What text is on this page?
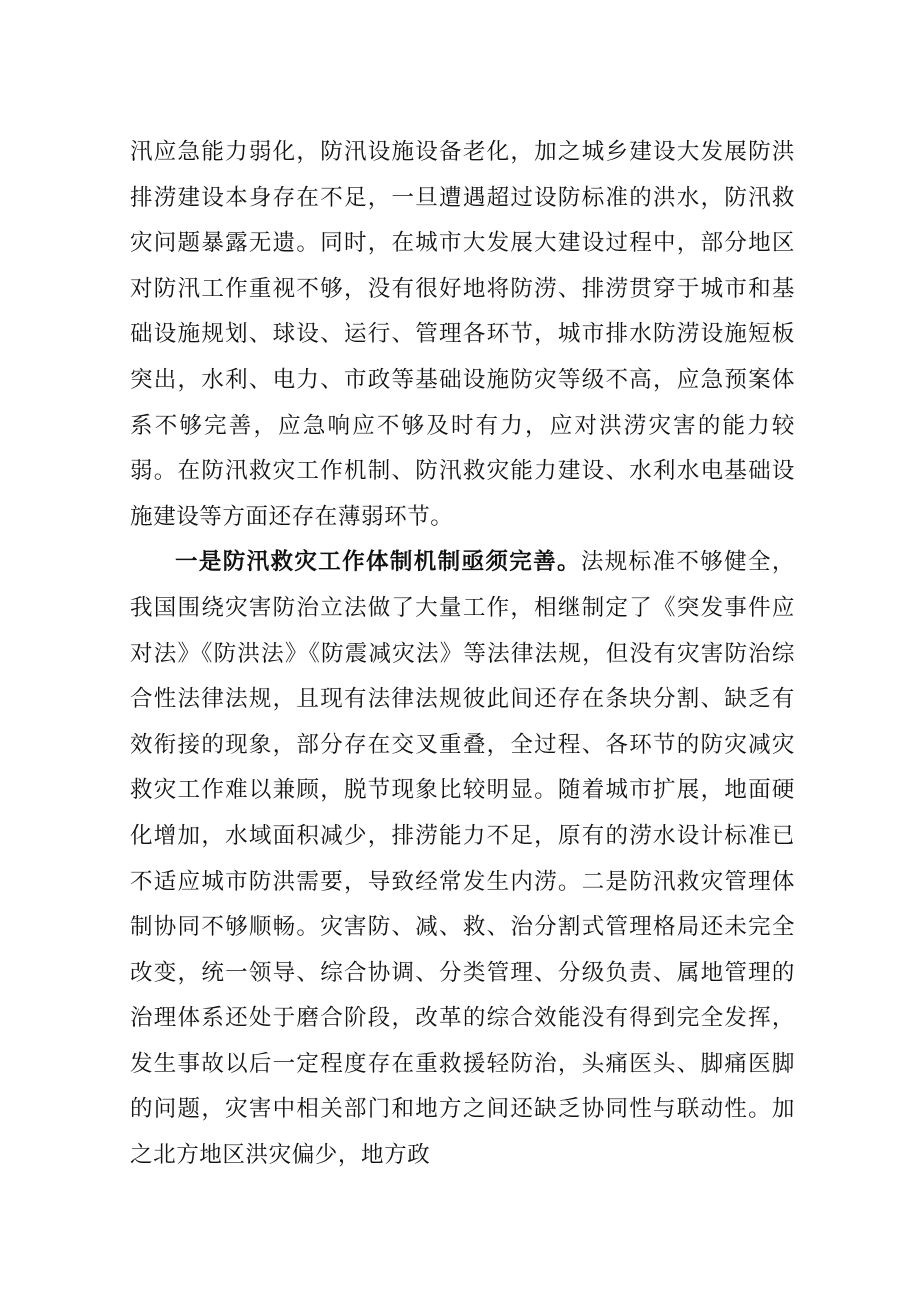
汛应急能力弱化，防汛设施设备老化，加之城乡建设大发展防洪排涝建设本身存在不足，一旦遭遇超过设防标准的洪水，防汛救灾问题暴露无遗。同时，在城市大发展大建设过程中，部分地区对防汛工作重视不够，没有很好地将防涝、排涝贯穿于城市和基础设施规划、球设、运行、管理各环节，城市排水防涝设施短板突出，水利、电力、市政等基础设施防灾等级不高，应急预案体系不够完善，应急响应不够及时有力，应对洪涝灾害的能力较弱。在防汛救灾工作机制、防汛救灾能力建设、水利水电基础设施建设等方面还存在薄弱环节。

一是防汛救灾工作体制机制亟须完善。法规标准不够健全，我国围绕灾害防治立法做了大量工作，相继制定了《突发事件应对法》《防洪法》《防震减灾法》等法律法规，但没有灾害防治综合性法律法规，且现有法律法规彼此间还存在条块分割、缺乏有效衔接的现象，部分存在交叉重叠，全过程、各环节的防灾减灾救灾工作难以兼顾，脱节现象比较明显。随着城市扩展，地面硬化增加，水域面积减少，排涝能力不足，原有的涝水设计标准已不适应城市防洪需要，导致经常发生内涝。二是防汛救灾管理体制协同不够顺畅。灾害防、减、救、治分割式管理格局还未完全改变，统一领导、综合协调、分类管理、分级负责、属地管理的治理体系还处于磨合阶段，改革的综合效能没有得到完全发挥，发生事故以后一定程度存在重救援轻防治，头痛医头、脚痛医脚的问题，灾害中相关部门和地方之间还缺乏协同性与联动性。加之北方地区洪灾偏少，地方政
